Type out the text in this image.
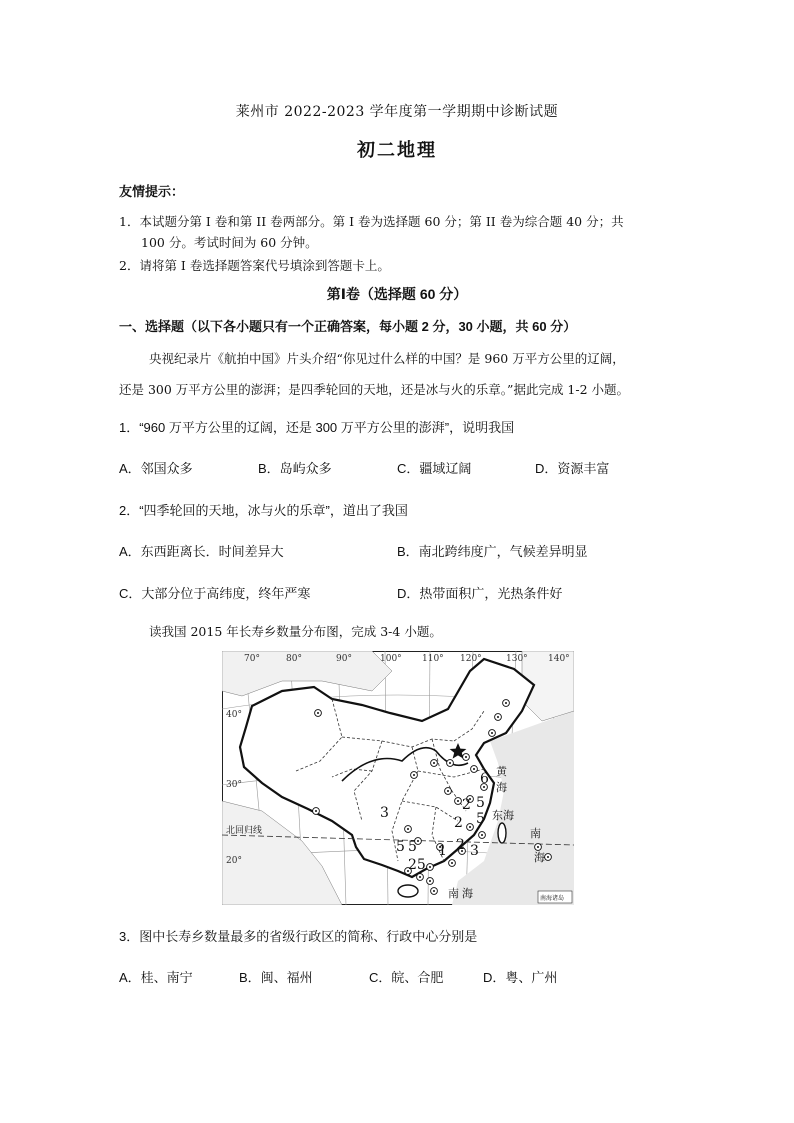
莱州市 2022-2023 学年度第一学期期中诊断试题
初二地理
友情提示：
1．本试题分第 I 卷和第 II 卷两部分。第 I 卷为选择题 60 分；第 II 卷为综合题 40 分；共
100 分。考试时间为 60 分钟。
2．请将第 I 卷选择题答案代号填涂到答题卡上。
第Ⅰ卷（选择题 60 分）
一、选择题（以下各小题只有一个正确答案，每小题 2 分，30 小题，共 60 分）
央视纪录片《航拍中国》片头介绍“你见过什么样的中国？是 960 万平方公里的辽阔，
还是 300 万平方公里的澎湃；是四季轮回的天地，还是冰与火的乐章。”据此完成 1-2 小题。
1．“960 万平方公里的辽阔，还是 300 万平方公里的澎湃”，说明我国
A．邻国众多	B．岛屿众多	C．疆域辽阔	D．资源丰富
2．“四季轮回的天地，冰与火的乐章”，道出了我国
A．东西距离长．时间差异大	B．南北跨纬度广，气候差异明显
C．大部分位于高纬度，终年严寒	D．热带面积广，光热条件好
读我国 2015 年长寿乡数量分布图，完成 3-4 小题。
70°	80°	90°	100° 110° 120°	130° 140°
40°
30°
20°
北回归线
黄
海
东海
南
海
南 海	南海诸岛
6
2 5
3	5
2
5 1 2 3
5
25
3．图中长寿乡数量最多的省级行政区的简称、行政中心分别是
A．桂、南宁	B．闽、福州	C．皖、合肥	D．粤、广州
